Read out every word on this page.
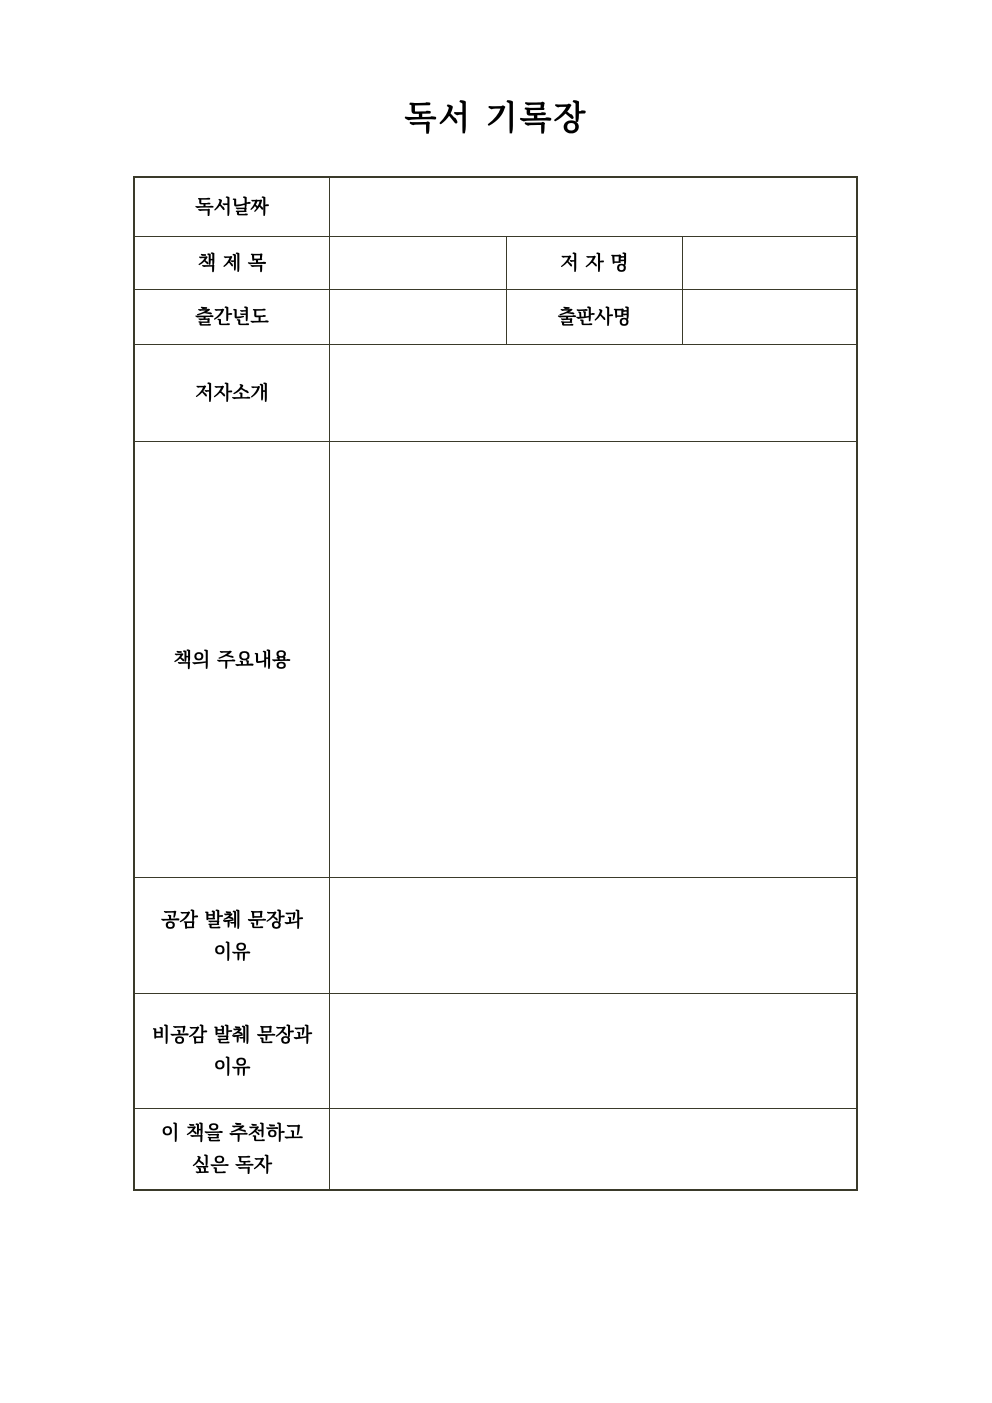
독서 기록장
독서날짜
책 제 목	저 자 명
출간년도	출판사명
저자소개
책의 주요내용
공감 발췌 문장과
이유
비공감 발췌 문장과
이유
이 책을 추천하고
싶은 독자
